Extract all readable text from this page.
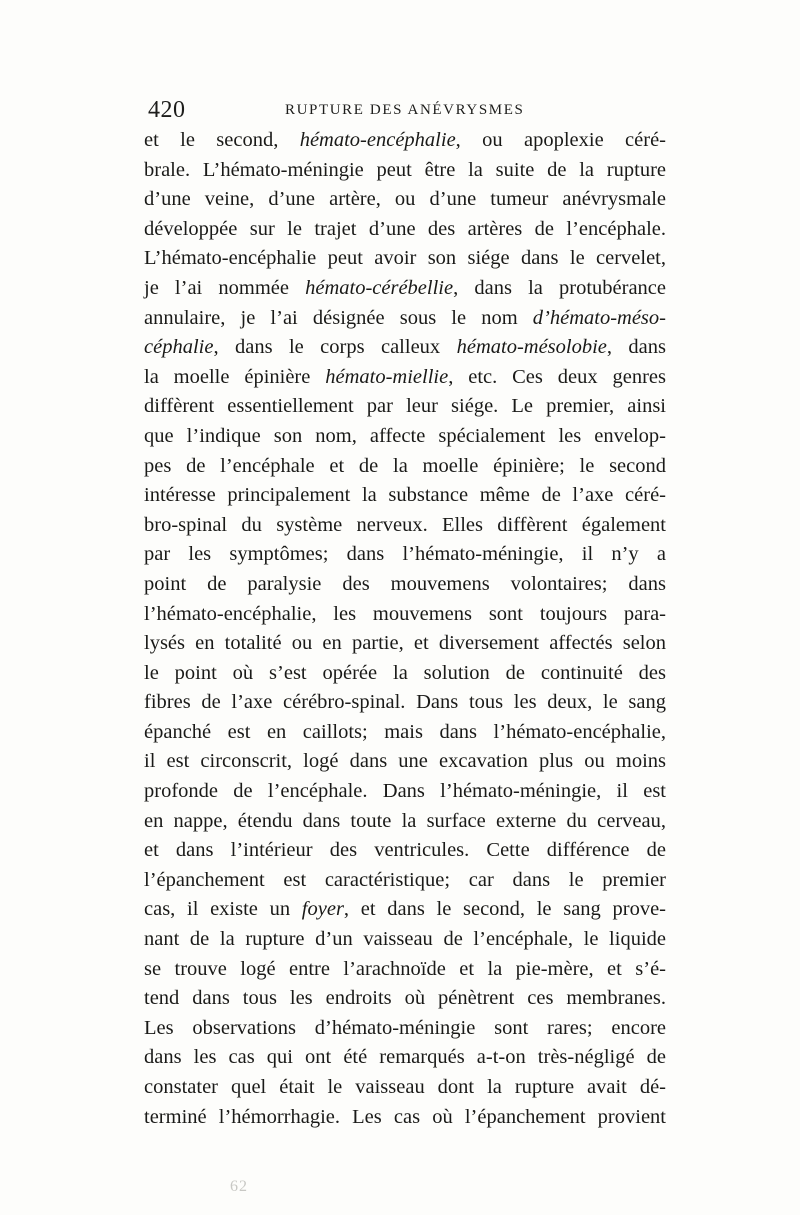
420	RUPTURE DES ANÉVRYSMES
et le second, hémato-encéphalie, ou apoplexie céré-
brale. L’hémato-méningie peut être la suite de la rupture
d’une veine, d’une artère, ou d’une tumeur anévrysmale
développée sur le trajet d’une des artères de l’encéphale.
L’hémato-encéphalie peut avoir son siége dans le cervelet,
je l’ai nommée hémato-cérébellie, dans la protubérance
annulaire, je l’ai désignée sous le nom d’hémato-méso-
céphalie, dans le corps calleux hémato-mésolobie, dans
la moelle épinière hémato-miellie, etc. Ces deux genres
diffèrent essentiellement par leur siége. Le premier, ainsi
que l’indique son nom, affecte spécialement les envelop-
pes de l’encéphale et de la moelle épinière; le second
intéresse principalement la substance même de l’axe céré-
bro-spinal du système nerveux. Elles diffèrent également
par les symptômes; dans l’hémato-méningie, il n’y a
point de paralysie des mouvemens volontaires; dans
l’hémato-encéphalie, les mouvemens sont toujours para-
lysés en totalité ou en partie, et diversement affectés selon
le point où s’est opérée la solution de continuité des
fibres de l’axe cérébro-spinal. Dans tous les deux, le sang
épanché est en caillots; mais dans l’hémato-encéphalie,
il est circonscrit, logé dans une excavation plus ou moins
profonde de l’encéphale. Dans l’hémato-méningie, il est
en nappe, étendu dans toute la surface externe du cerveau,
et dans l’intérieur des ventricules. Cette différence de
l’épanchement est caractéristique; car dans le premier
cas, il existe un foyer, et dans le second, le sang prove-
nant de la rupture d’un vaisseau de l’encéphale, le liquide
se trouve logé entre l’arachnoïde et la pie-mère, et s’é-
tend dans tous les endroits où pénètrent ces membranes.
Les observations d’hémato-méningie sont rares; encore
dans les cas qui ont été remarqués a-t-on très-négligé de
constater quel était le vaisseau dont la rupture avait dé-
terminé l’hémorrhagie. Les cas où l’épanchement provient
62
